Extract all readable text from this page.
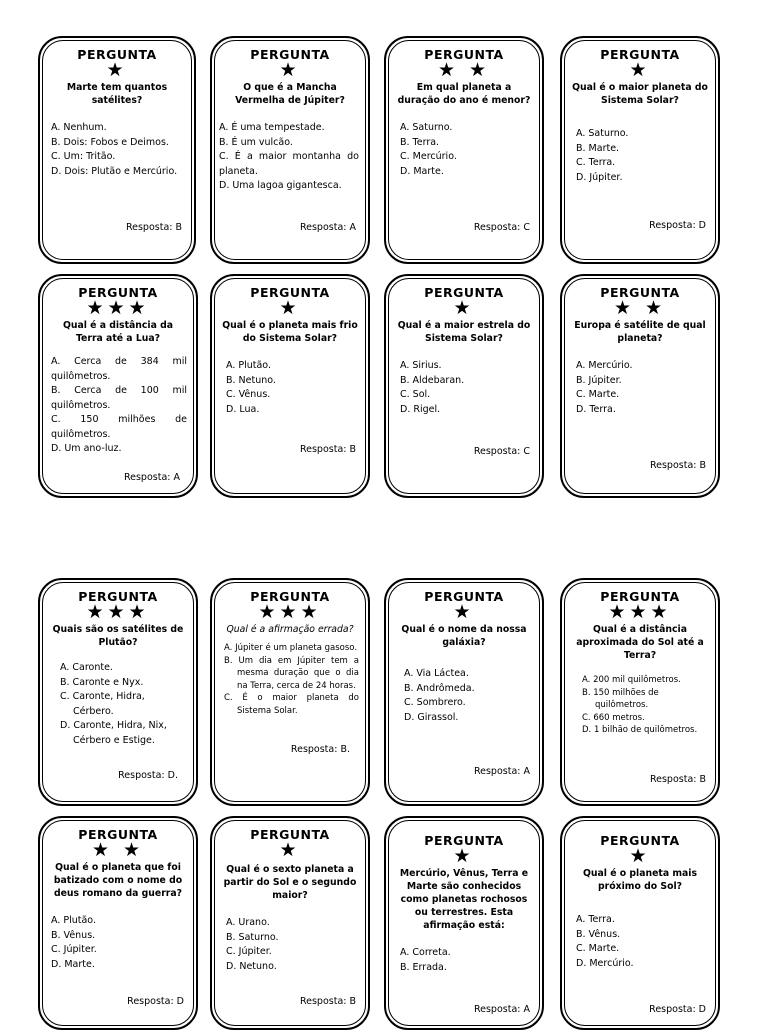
PERGUNTA
★
Marte tem quantos satélites?
A. Nenhum.
B. Dois: Fobos e Deimos.
C. Um: Tritão.
D. Dois: Plutão e Mercúrio.
Resposta: B
PERGUNTA
★
O que é a Mancha Vermelha de Júpiter?
A. É uma tempestade.
B. É um vulcão.
C. É a maior montanha do planeta.
D. Uma lagoa gigantesca.
Resposta: A
PERGUNTA
★ ★
Em qual planeta a duração do ano é menor?
A. Saturno.
B. Terra.
C. Mercúrio.
D. Marte.
Resposta: C
PERGUNTA
★
Qual é o maior planeta do Sistema Solar?
A. Saturno.
B. Marte.
C. Terra.
D. Júpiter.
Resposta: D
PERGUNTA
★★★
Qual é a distância da Terra até a Lua?
A. Cerca de 384 mil quilômetros.
B. Cerca de 100 mil quilômetros.
C. 150 milhões de quilômetros.
D. Um ano-luz.
Resposta: A
PERGUNTA
★
Qual é o planeta mais frio do Sistema Solar?
A. Plutão.
B. Netuno.
C. Vênus.
D. Lua.
Resposta: B
PERGUNTA
★
Qual é a maior estrela do Sistema Solar?
A. Sirius.
B. Aldebaran.
C. Sol.
D. Rigel.
Resposta: C
PERGUNTA
★ ★
Europa é satélite de qual planeta?
A. Mercúrio.
B. Júpiter.
C. Marte.
D. Terra.
Resposta: B
PERGUNTA
★★★
Quais são os satélites de Plutão?
A. Caronte.
B. Caronte e Nyx.
C. Caronte, Hidra, Cérbero.
D. Caronte, Hidra, Nix, Cérbero e Estige.
Resposta: D.
PERGUNTA
★★★
Qual é a afirmação errada?
A. Júpiter é um planeta gasoso.
B. Um dia em Júpiter tem a mesma duração que o dia na Terra, cerca de 24 horas.
C. É o maior planeta do Sistema Solar.
Resposta: B.
PERGUNTA
★
Qual é o nome da nossa galáxia?
A. Via Láctea.
B. Andrômeda.
C. Sombrero.
D. Girassol.
Resposta: A
PERGUNTA
★★★
Qual é a distância aproximada do Sol até a Terra?
A. 200 mil quilômetros.
B. 150 milhões de quilômetros.
C. 660 metros.
D. 1 bilhão de quilômetros.
Resposta: B
PERGUNTA
★ ★
Qual é o planeta que foi batizado com o nome do deus romano da guerra?
A. Plutão.
B. Vênus.
C. Júpiter.
D. Marte.
Resposta: D
PERGUNTA
★
Qual é o sexto planeta a partir do Sol e o segundo maior?
A. Urano.
B. Saturno.
C. Júpiter.
D. Netuno.
Resposta: B
PERGUNTA
★
Mercúrio, Vênus, Terra e Marte são conhecidos como planetas rochosos ou terrestres. Esta afirmação está:
A. Correta.
B. Errada.
Resposta: A
PERGUNTA
★
Qual é o planeta mais próximo do Sol?
A. Terra.
B. Vênus.
C. Marte.
D. Mercúrio.
Resposta: D
